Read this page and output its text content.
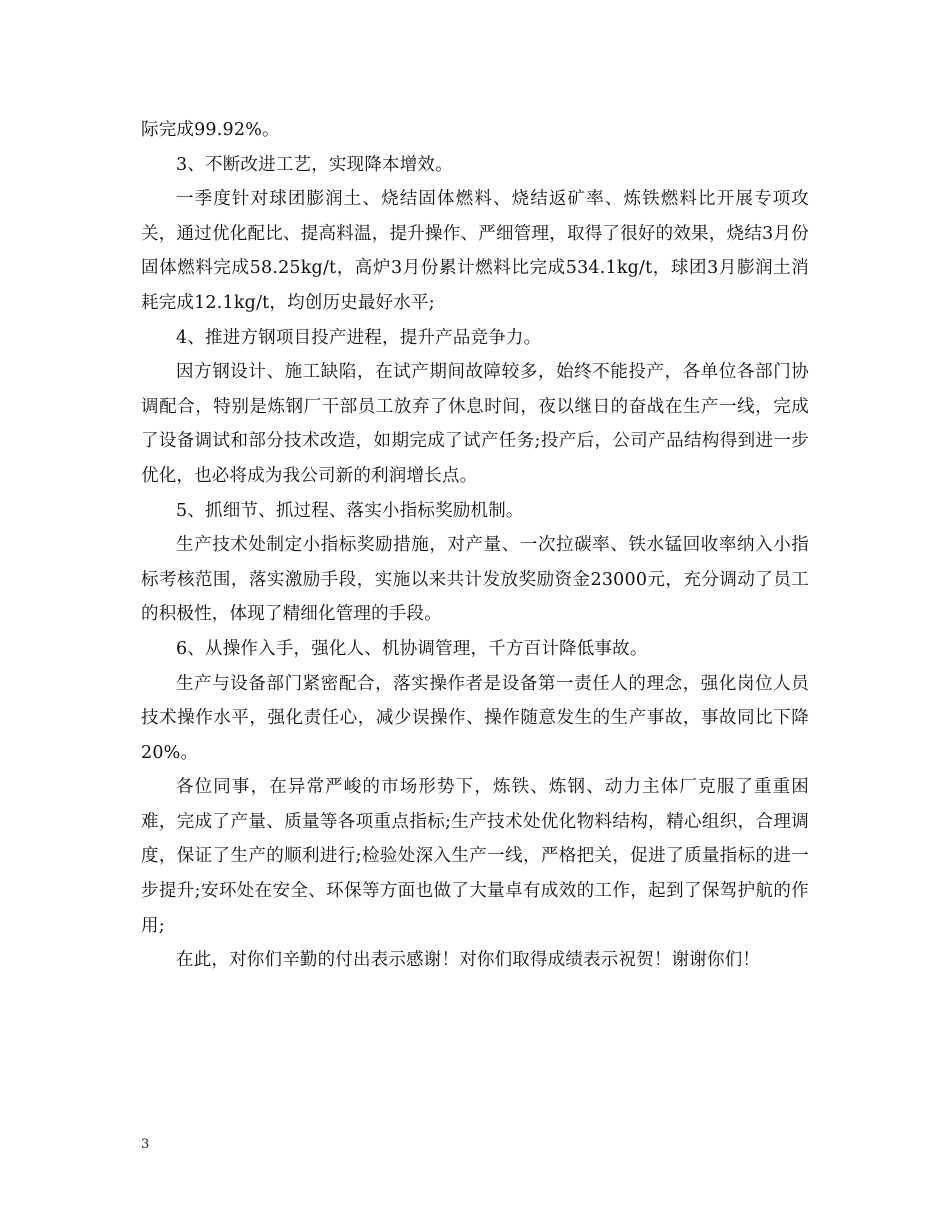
际完成99.92%。

3、不断改进工艺，实现降本增效。

一季度针对球团膨润土、烧结固体燃料、烧结返矿率、炼铁燃料比开展专项攻关，通过优化配比、提高料温，提升操作、严细管理，取得了很好的效果，烧结3月份固体燃料完成58.25kg/t，高炉3月份累计燃料比完成534.1kg/t，球团3月膨润土消耗完成12.1kg/t，均创历史最好水平;

4、推进方钢项目投产进程，提升产品竞争力。

因方钢设计、施工缺陷，在试产期间故障较多，始终不能投产，各单位各部门协调配合，特别是炼钢厂干部员工放弃了休息时间，夜以继日的奋战在生产一线，完成了设备调试和部分技术改造，如期完成了试产任务;投产后，公司产品结构得到进一步优化，也必将成为我公司新的利润增长点。

5、抓细节、抓过程、落实小指标奖励机制。

生产技术处制定小指标奖励措施，对产量、一次拉碳率、铁水锰回收率纳入小指标考核范围，落实激励手段，实施以来共计发放奖励资金23000元，充分调动了员工的积极性，体现了精细化管理的手段。

6、从操作入手，强化人、机协调管理，千方百计降低事故。

生产与设备部门紧密配合，落实操作者是设备第一责任人的理念，强化岗位人员技术操作水平，强化责任心，减少误操作、操作随意发生的生产事故，事故同比下降20%。

各位同事，在异常严峻的市场形势下，炼铁、炼钢、动力主体厂克服了重重困难，完成了产量、质量等各项重点指标;生产技术处优化物料结构，精心组织，合理调度，保证了生产的顺利进行;检验处深入生产一线，严格把关，促进了质量指标的进一步提升;安环处在安全、环保等方面也做了大量卓有成效的工作，起到了保驾护航的作用;

在此，对你们辛勤的付出表示感谢！对你们取得成绩表示祝贺！谢谢你们！

3
